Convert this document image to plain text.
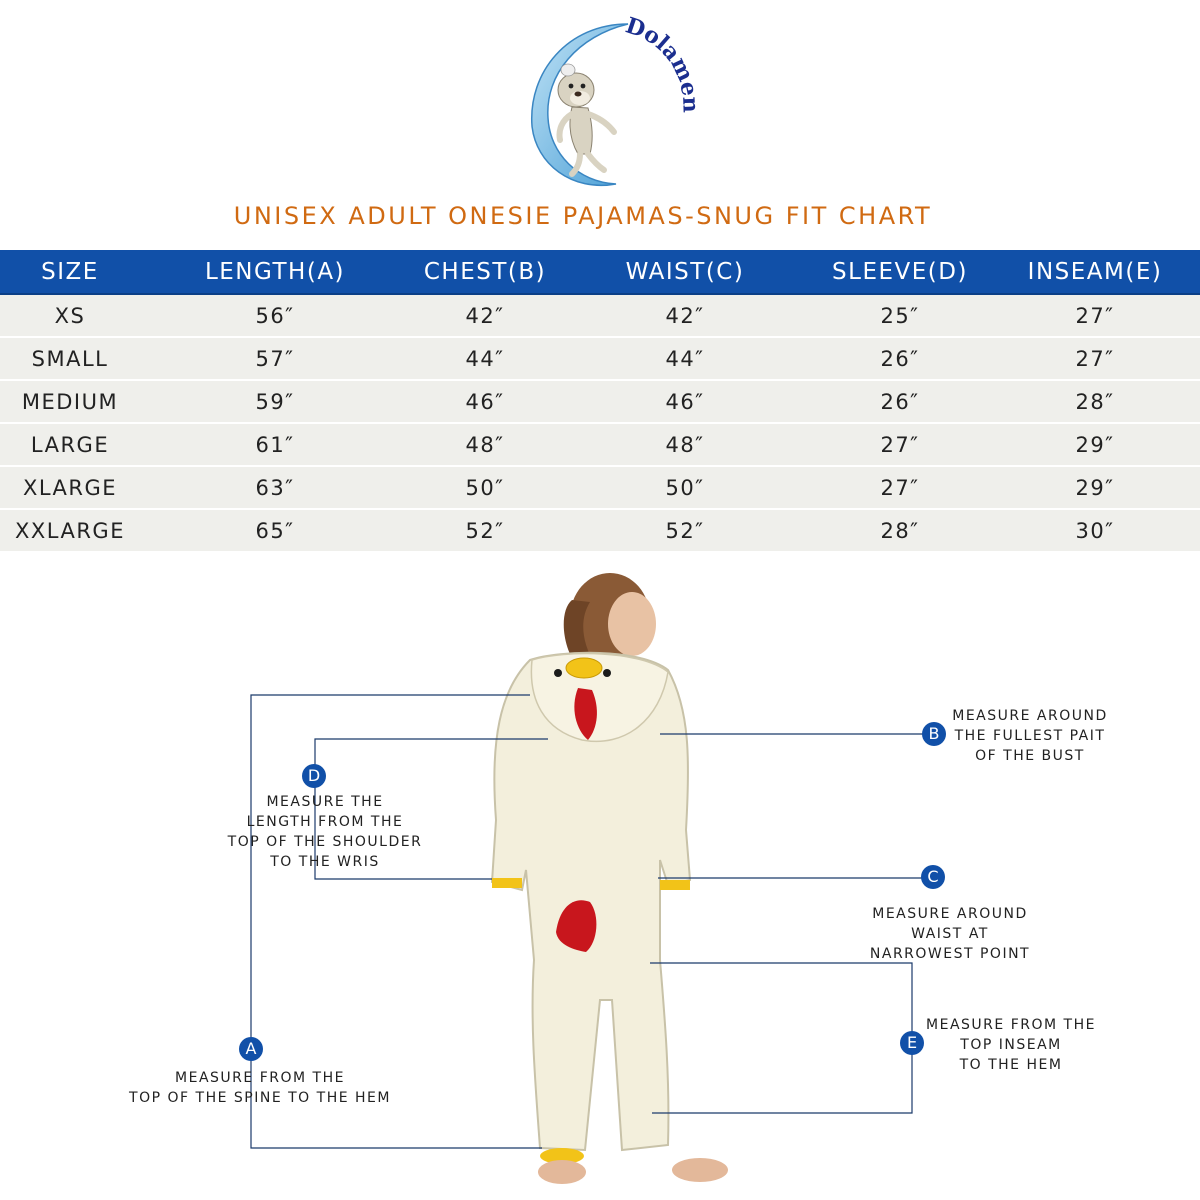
Dolamen
UNISEX ADULT ONESIE PAJAMAS-SNUG FIT CHART
SIZE	LENGTH(A)	CHEST(B)	WAIST(C)	SLEEVE(D)	INSEAM(E)
XS	56″	42″	42″	25″	27″
SMALL	57″	44″	44″	26″	27″
MEDIUM	59″	46″	46″	26″	28″
LARGE	61″	48″	48″	27″	29″
XLARGE	63″	50″	50″	27″	29″
XXLARGE	65″	52″	52″	28″	30″
B
D
C
E
A
MEASURE AROUND
THE FULLEST PAIT
OF THE BUST
MEASURE THE
LENGTH FROM THE
TOP OF THE SHOULDER
TO THE WRIS
MEASURE AROUND
WAIST AT
NARROWEST POINT
MEASURE FROM THE
TOP INSEAM
TO THE HEM
MEASURE FROM THE
TOP OF THE SPINE TO THE HEM
